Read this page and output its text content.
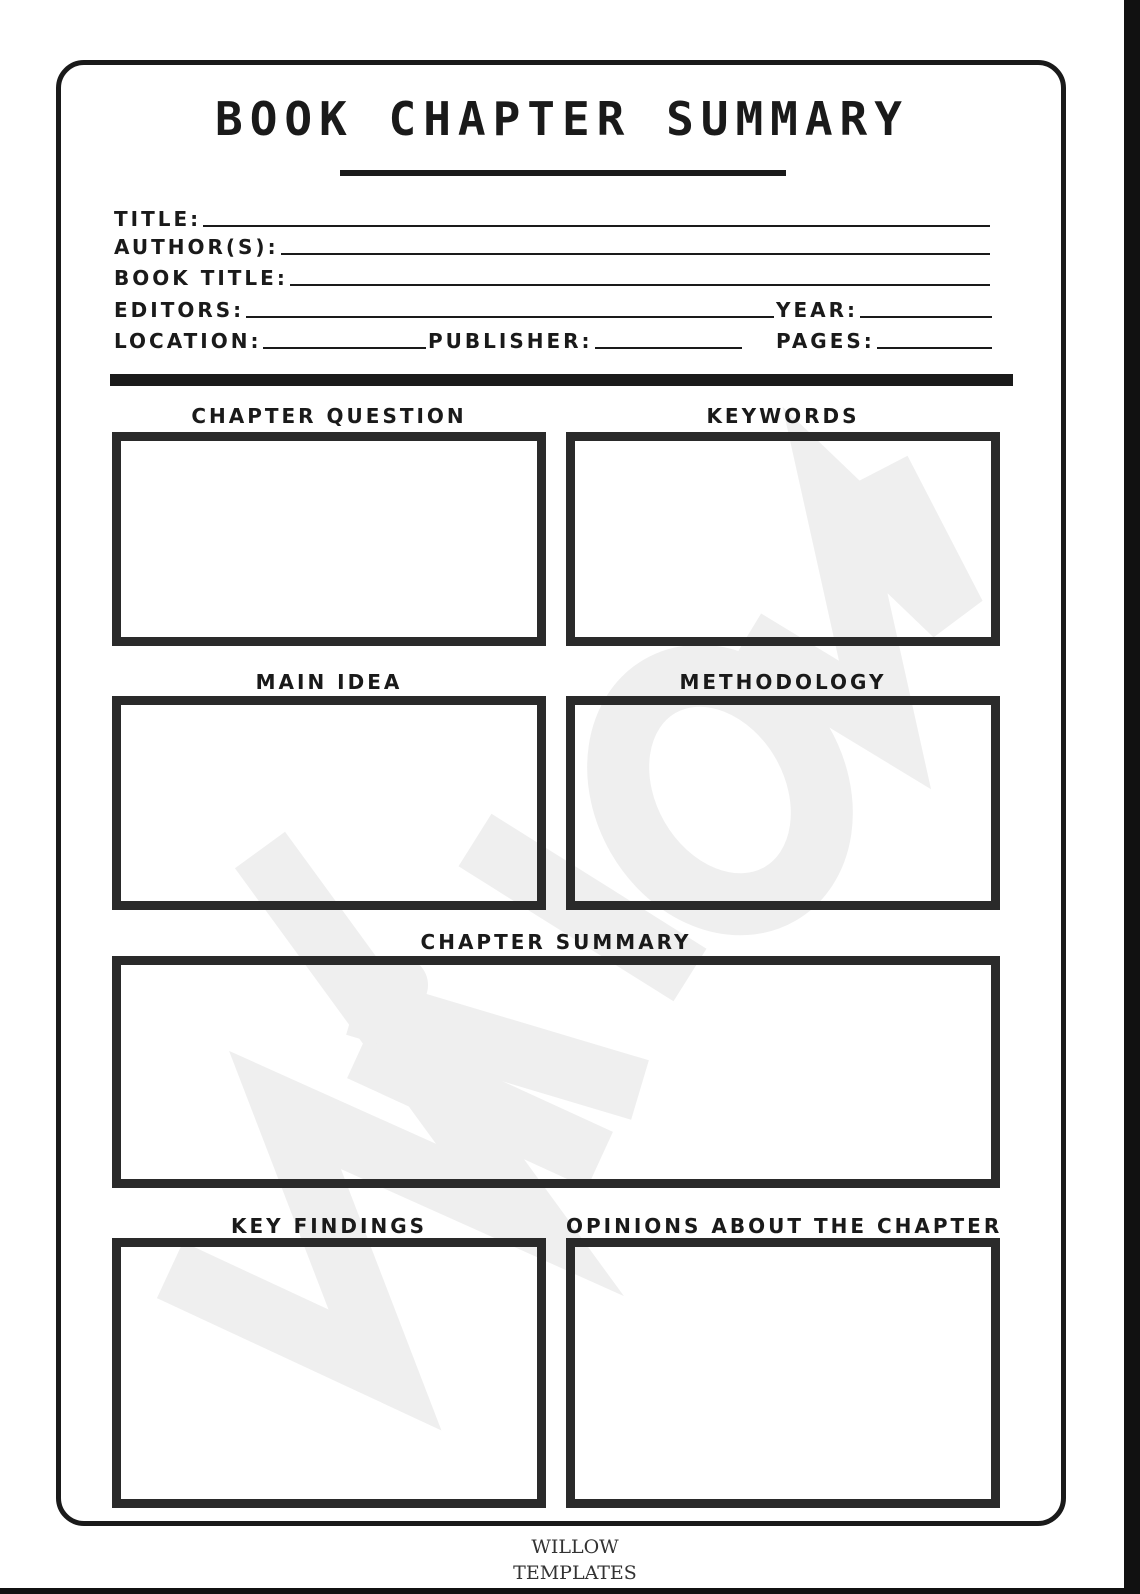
BOOK CHAPTER SUMMARY
TITLE:
AUTHOR(S):
BOOK TITLE:
EDITORS:	YEAR:
LOCATION:	PUBLISHER:	PAGES:
CHAPTER QUESTION	KEYWORDS
MAIN IDEA	METHODOLOGY
CHAPTER SUMMARY
KEY FINDINGS	OPINIONS ABOUT THE CHAPTER
WILLOW
TEMPLATES
